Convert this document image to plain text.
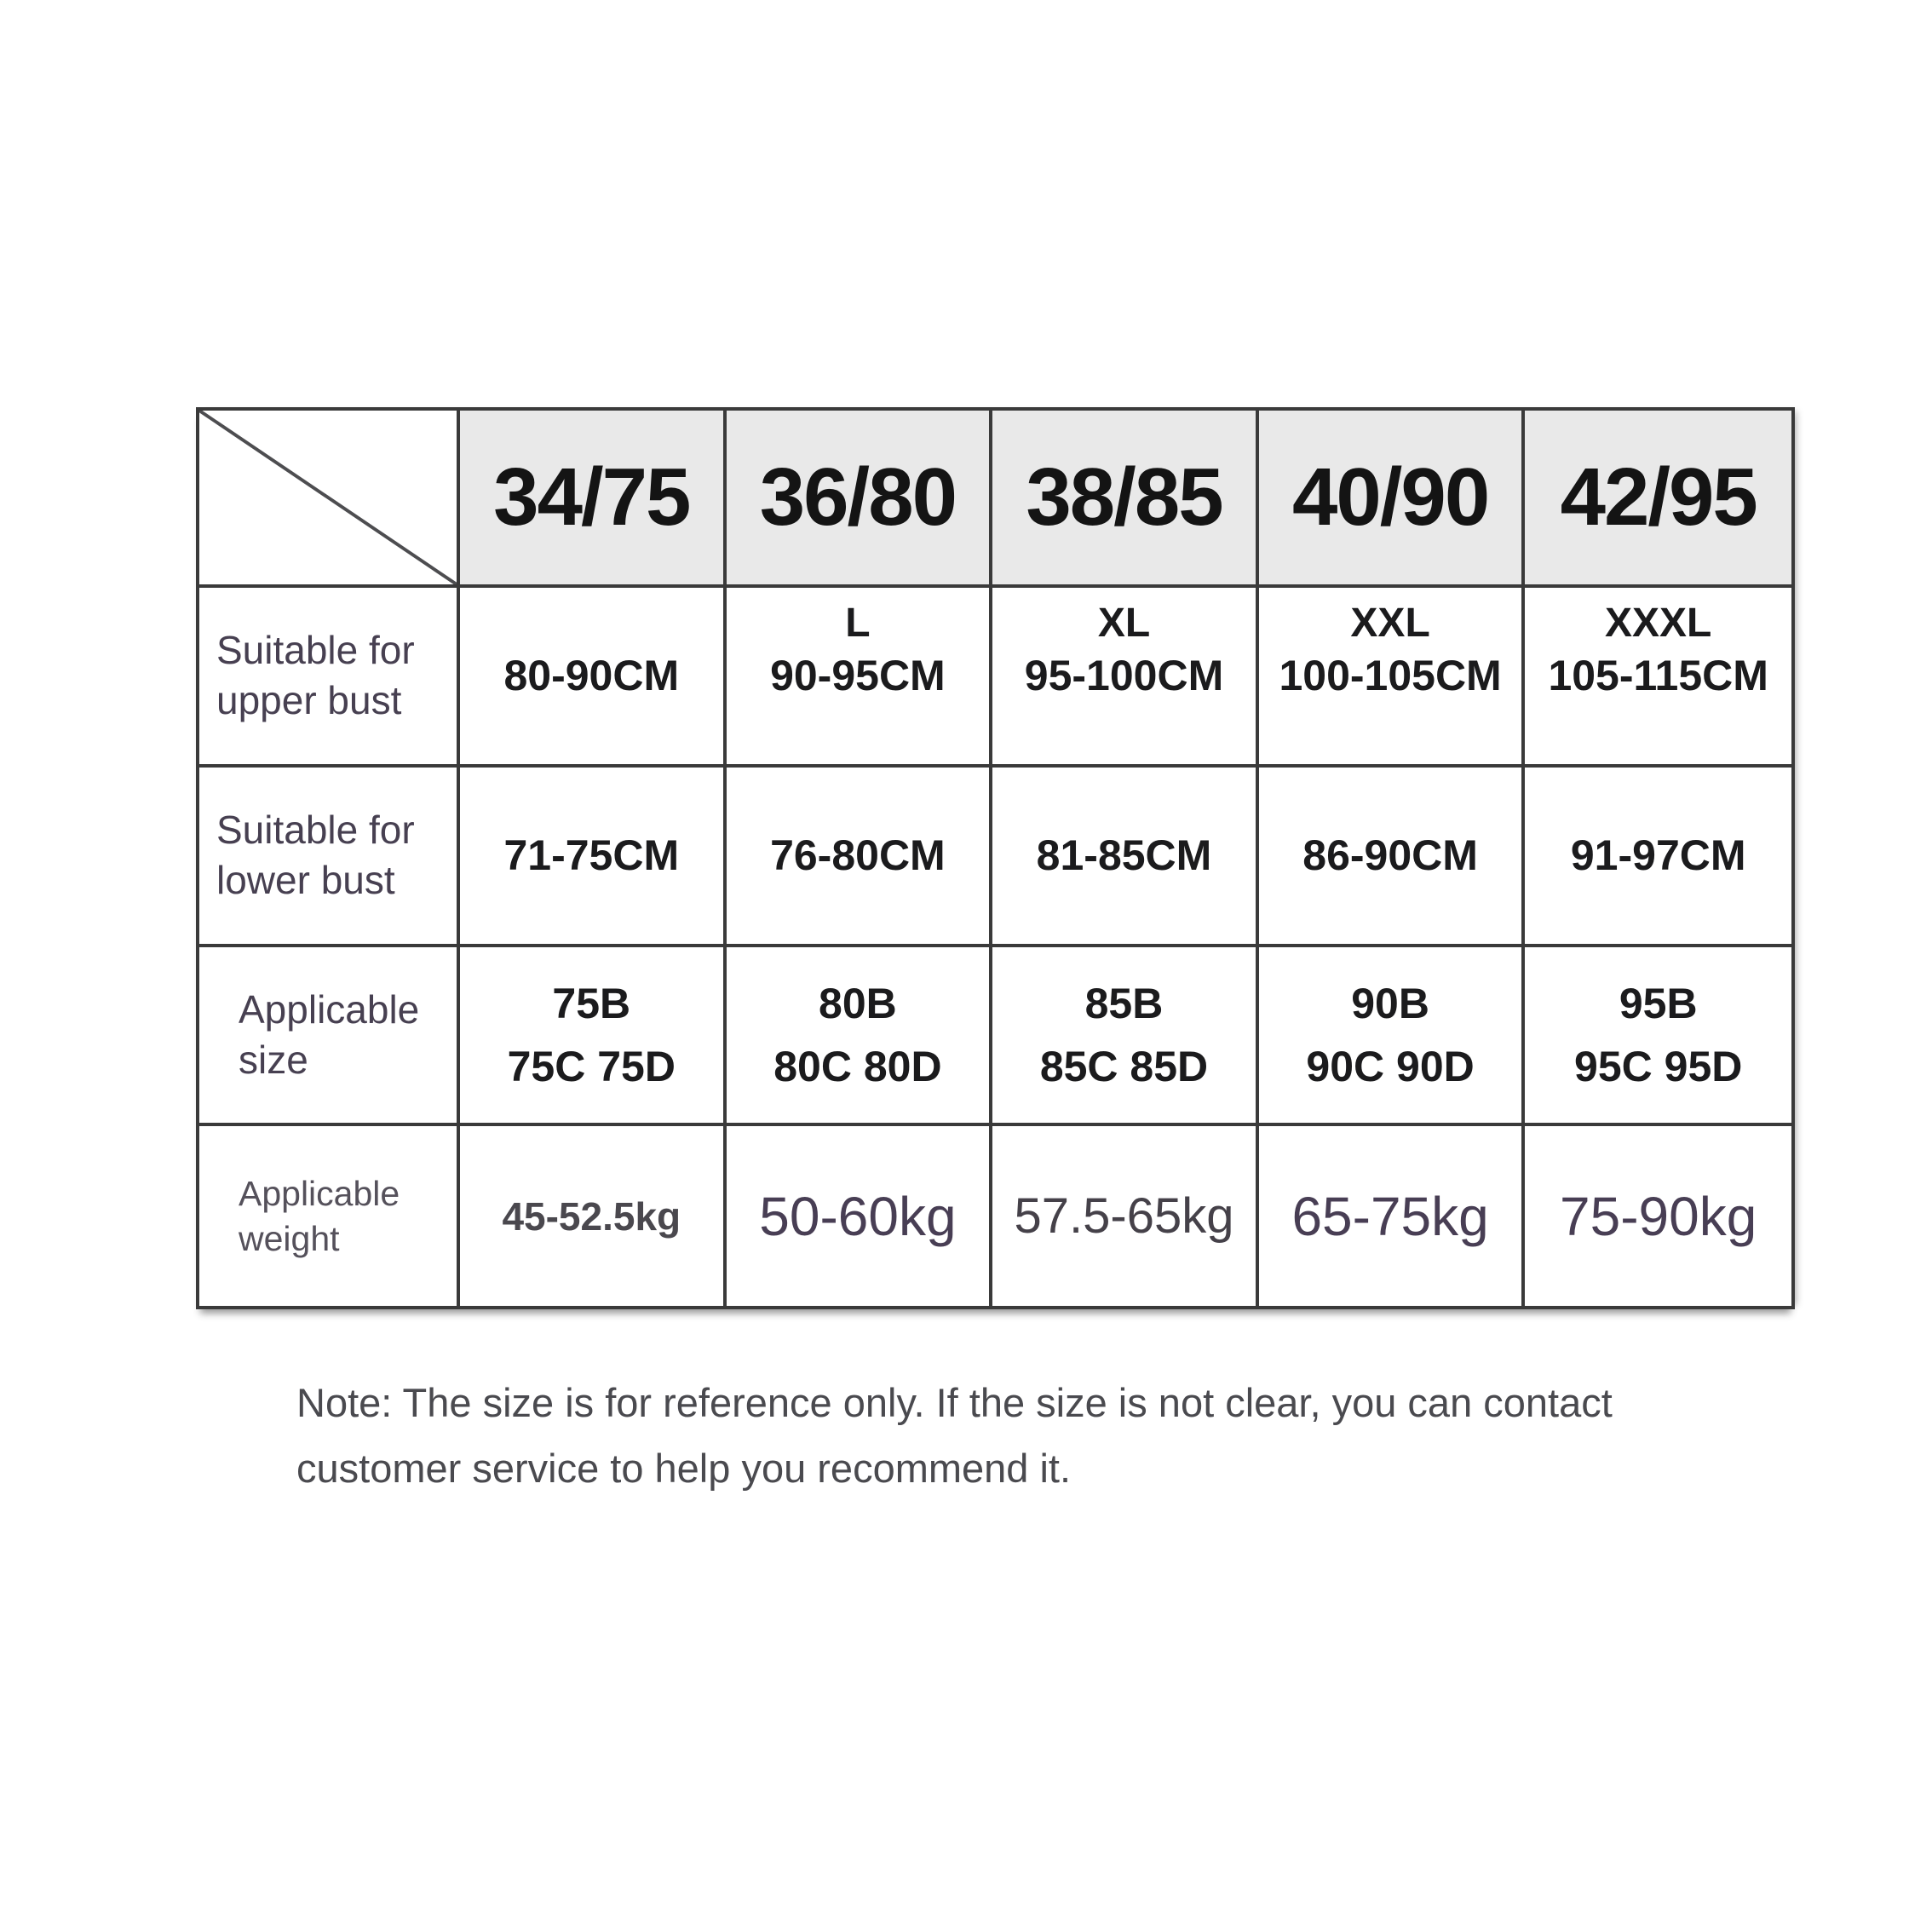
34/75 36/80 38/85 40/90 42/95
Suitable for
upper bust
80-90CM
L
90-95CM
XL
95-100CM
XXL
100-105CM
XXXL
105-115CM
Suitable for
lower bust
71-75CM 76-80CM 81-85CM 86-90CM 91-97CM
Applicable
size
75B
75C 75D
80B
80C 80D
85B
85C 85D
90B
90C 90D
95B
95C 95D
Applicable
weight	45-52.5kg 50-60kg 57.5-65kg 65-75kg 75-90kg
Note: The size is for reference only. If the size is not clear, you can contact
customer service to help you recommend it.
